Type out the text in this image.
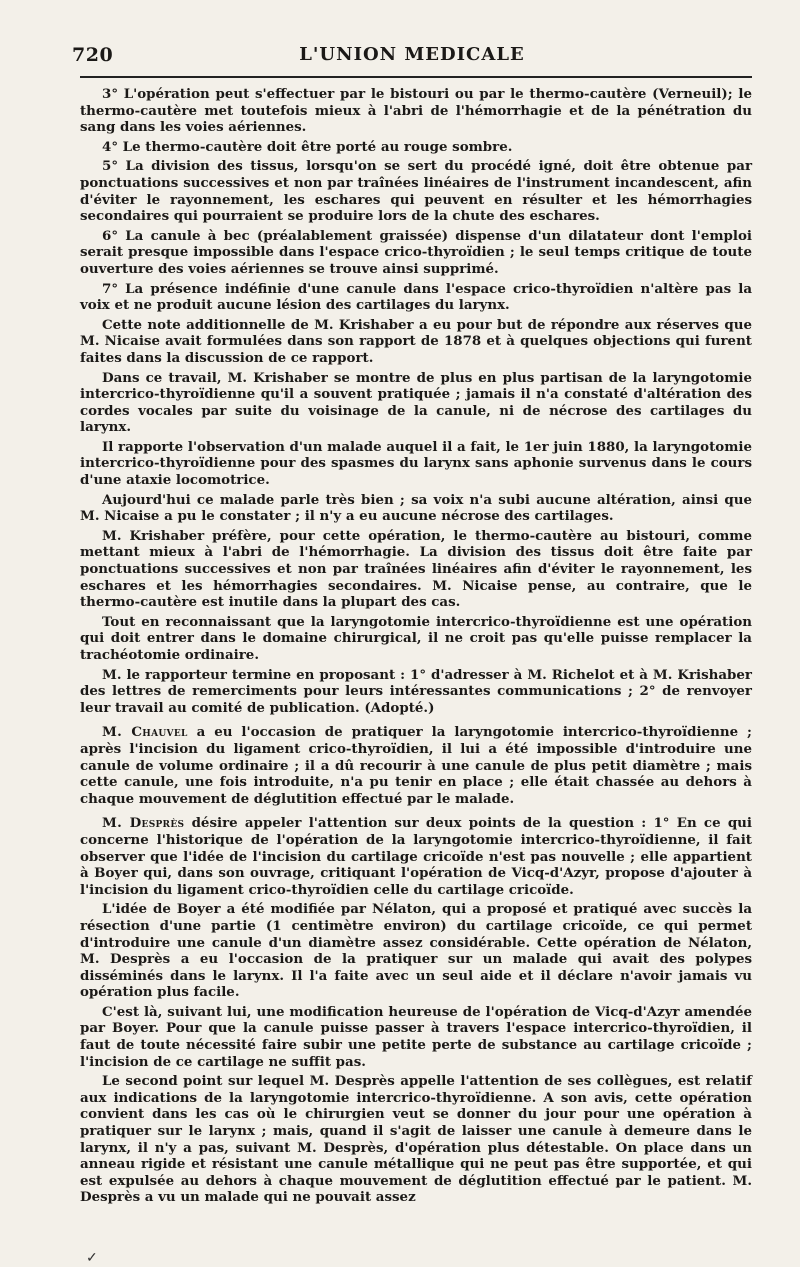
720	L'UNION MEDICALE

3° L'opération peut s'effectuer par le bistouri ou par le thermo-cautère (Verneuil); le thermo-cautère met toutefois mieux à l'abri de l'hémorrhagie et de la pénétration du sang dans les voies aériennes.

4° Le thermo-cautère doit être porté au rouge sombre.

5° La division des tissus, lorsqu'on se sert du procédé igné, doit être obtenue par ponctuations successives et non par traînées linéaires de l'instrument incandescent, afin d'éviter le rayonnement, les eschares qui peuvent en résulter et les hémorrhagies secondaires qui pourraient se produire lors de la chute des eschares.

6° La canule à bec (préalablement graissée) dispense d'un dilatateur dont l'emploi serait presque impossible dans l'espace crico-thyroïdien ; le seul temps critique de toute ouverture des voies aériennes se trouve ainsi supprimé.

7° La présence indéfinie d'une canule dans l'espace crico-thyroïdien n'altère pas la voix et ne produit aucune lésion des cartilages du larynx.

Cette note additionnelle de M. Krishaber a eu pour but de répondre aux réserves que M. Nicaise avait formulées dans son rapport de 1878 et à quelques objections qui furent faites dans la discussion de ce rapport.

Dans ce travail, M. Krishaber se montre de plus en plus partisan de la laryngotomie intercrico-thyroïdienne qu'il a souvent pratiquée ; jamais il n'a constaté d'altération des cordes vocales par suite du voisinage de la canule, ni de nécrose des cartilages du larynx.

Il rapporte l'observation d'un malade auquel il a fait, le 1er juin 1880, la laryngotomie intercrico-thyroïdienne pour des spasmes du larynx sans aphonie survenus dans le cours d'une ataxie locomotrice.

Aujourd'hui ce malade parle très bien ; sa voix n'a subi aucune altération, ainsi que M. Nicaise a pu le constater ; il n'y a eu aucune nécrose des cartilages.

M. Krishaber préfère, pour cette opération, le thermo-cautère au bistouri, comme mettant mieux à l'abri de l'hémorrhagie. La division des tissus doit être faite par ponctuations successives et non par traînées linéaires afin d'éviter le rayonnement, les eschares et les hémorrhagies secondaires. M. Nicaise pense, au contraire, que le thermo-cautère est inutile dans la plupart des cas.

Tout en reconnaissant que la laryngotomie intercrico-thyroïdienne est une opération qui doit entrer dans le domaine chirurgical, il ne croit pas qu'elle puisse remplacer la trachéotomie ordinaire.

M. le rapporteur termine en proposant : 1° d'adresser à M. Richelot et à M. Krishaber des lettres de remerciments pour leurs intéressantes communications ; 2° de renvoyer leur travail au comité de publication. (Adopté.)

M. Chauvel a eu l'occasion de pratiquer la laryngotomie intercrico-thyroïdienne ; après l'incision du ligament crico-thyroïdien, il lui a été impossible d'introduire une canule de volume ordinaire ; il a dû recourir à une canule de plus petit diamètre ; mais cette canule, une fois introduite, n'a pu tenir en place ; elle était chassée au dehors à chaque mouvement de déglutition effectué par le malade.

M. Desprès désire appeler l'attention sur deux points de la question : 1° En ce qui concerne l'historique de l'opération de la laryngotomie intercrico-thyroïdienne, il fait observer que l'idée de l'incision du cartilage cricoïde n'est pas nouvelle ; elle appartient à Boyer qui, dans son ouvrage, critiquant l'opération de Vicq-d'Azyr, propose d'ajouter à l'incision du ligament crico-thyroïdien celle du cartilage cricoïde.

L'idée de Boyer a été modifiée par Nélaton, qui a proposé et pratiqué avec succès la résection d'une partie (1 centimètre environ) du cartilage cricoïde, ce qui permet d'introduire une canule d'un diamètre assez considérable. Cette opération de Nélaton, M. Desprès a eu l'occasion de la pratiquer sur un malade qui avait des polypes disséminés dans le larynx. Il l'a faite avec un seul aide et il déclare n'avoir jamais vu opération plus facile.

C'est là, suivant lui, une modification heureuse de l'opération de Vicq-d'Azyr amendée par Boyer. Pour que la canule puisse passer à travers l'espace intercrico-thyroïdien, il faut de toute nécessité faire subir une petite perte de substance au cartilage cricoïde ; l'incision de ce cartilage ne suffit pas.

Le second point sur lequel M. Desprès appelle l'attention de ses collègues, est relatif aux indications de la laryngotomie intercrico-thyroïdienne. A son avis, cette opération convient dans les cas où le chirurgien veut se donner du jour pour une opération à pratiquer sur le larynx ; mais, quand il s'agit de laisser une canule à demeure dans le larynx, il n'y a pas, suivant M. Desprès, d'opération plus détestable. On place dans un anneau rigide et résistant une canule métallique qui ne peut pas être supportée, et qui est expulsée au dehors à chaque mouvement de déglutition effectué par le patient. M. Desprès a vu un malade qui ne pouvait assez

✓
